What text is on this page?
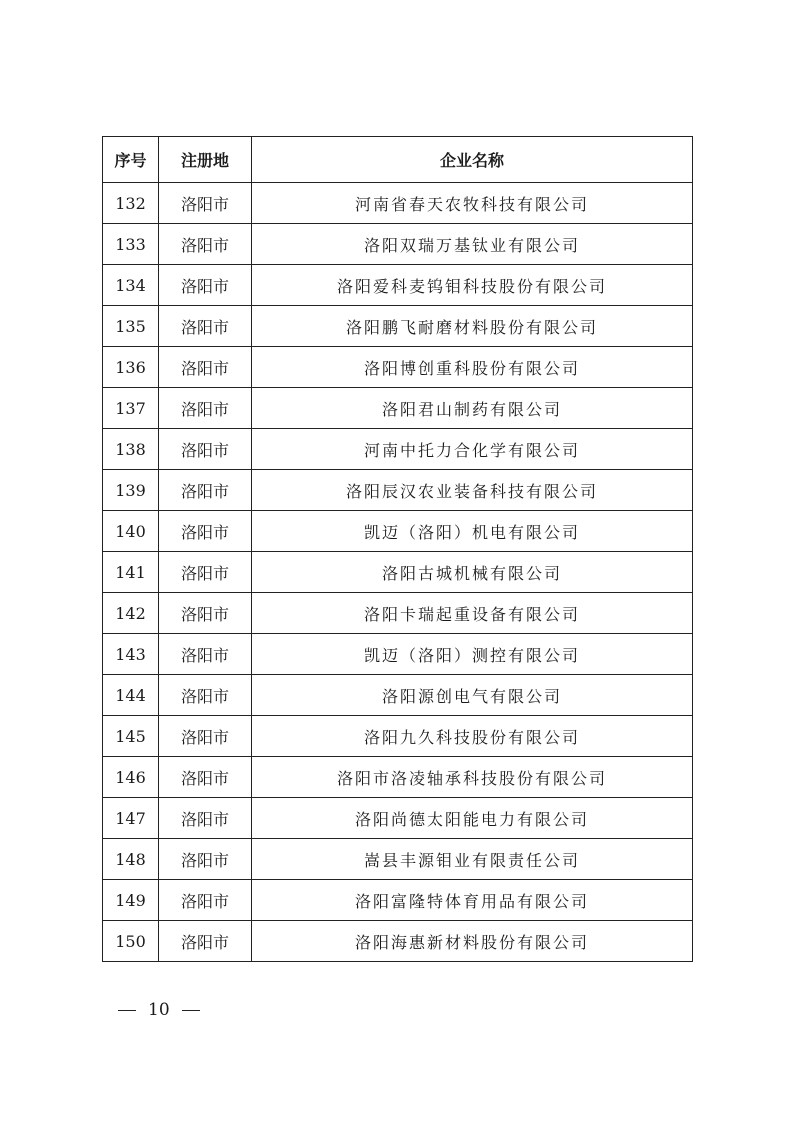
序号	注册地	企业名称
132	洛阳市	河南省春天农牧科技有限公司
133	洛阳市	洛阳双瑞万基钛业有限公司
134	洛阳市	洛阳爱科麦钨钼科技股份有限公司
135	洛阳市	洛阳鹏飞耐磨材料股份有限公司
136	洛阳市	洛阳博创重科股份有限公司
137	洛阳市	洛阳君山制药有限公司
138	洛阳市	河南中托力合化学有限公司
139	洛阳市	洛阳辰汉农业装备科技有限公司
140	洛阳市	凯迈（洛阳）机电有限公司
141	洛阳市	洛阳古城机械有限公司
142	洛阳市	洛阳卡瑞起重设备有限公司
143	洛阳市	凯迈（洛阳）测控有限公司
144	洛阳市	洛阳源创电气有限公司
145	洛阳市	洛阳九久科技股份有限公司
146	洛阳市	洛阳市洛凌轴承科技股份有限公司
147	洛阳市	洛阳尚德太阳能电力有限公司
148	洛阳市	嵩县丰源钼业有限责任公司
149	洛阳市	洛阳富隆特体育用品有限公司
150	洛阳市	洛阳海惠新材料股份有限公司
10
